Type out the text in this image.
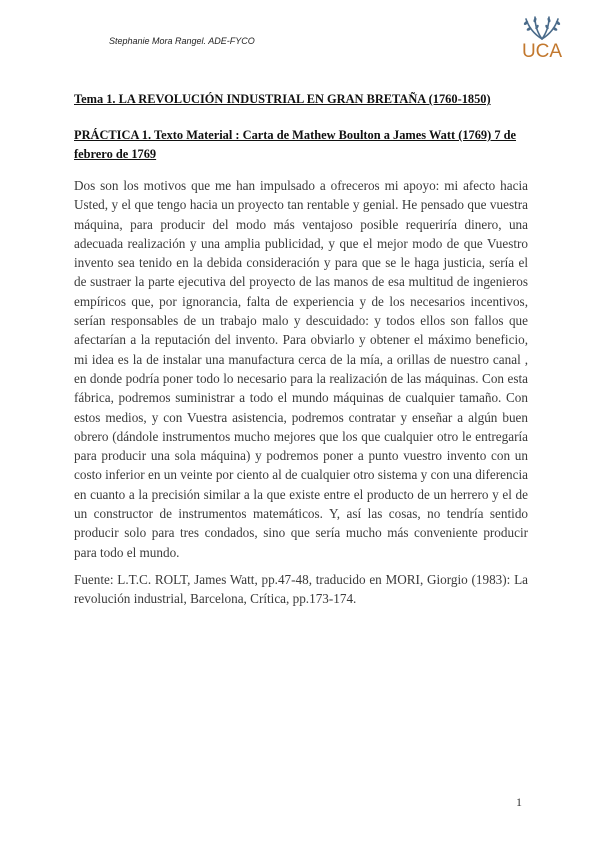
Stephanie Mora Rangel. ADE-FYCO	UCA
Tema 1. LA REVOLUCIÓN INDUSTRIAL EN GRAN BRETAÑA (1760-1850)
PRÁCTICA 1. Texto Material : Carta de Mathew Boulton a James Watt (1769) 7 de febrero de 1769

Dos son los motivos que me han impulsado a ofreceros mi apoyo: mi afecto hacia Usted, y el que tengo hacia un proyecto tan rentable y genial. He pensado que vuestra máquina, para producir del modo más ventajoso posible requeriría dinero, una adecuada realización y una amplia publicidad, y que el mejor modo de que Vuestro invento sea tenido en la debida consideración y para que se le haga justicia, sería el de sustraer la parte ejecutiva del proyecto de las manos de esa multitud de ingenieros empíricos que, por ignorancia, falta de experiencia y de los necesarios incentivos, serían responsables de un trabajo malo y descuidado: y todos ellos son fallos que afectarían a la reputación del invento. Para obviarlo y obtener el máximo beneficio, mi idea es la de instalar una manufactura cerca de la mía, a orillas de nuestro canal , en donde podría poner todo lo necesario para la realización de las máquinas. Con esta fábrica, podremos suministrar a todo el mundo máquinas de cualquier tamaño. Con estos medios, y con Vuestra asistencia, podremos contratar y enseñar a algún buen obrero (dándole instrumentos mucho mejores que los que cualquier otro le entregaría para producir una sola máquina) y podremos poner a punto vuestro invento con un costo inferior en un veinte por ciento al de cualquier otro sistema y con una diferencia en cuanto a la precisión similar a la que existe entre el producto de un herrero y el de un constructor de instrumentos matemáticos. Y, así las cosas, no tendría sentido producir solo para tres condados, sino que sería mucho más conveniente producir para todo el mundo.

Fuente: L.T.C. ROLT, James Watt, pp.47-48, traducido en MORI, Giorgio (1983): La revolución industrial, Barcelona, Crítica, pp.173-174.

1
